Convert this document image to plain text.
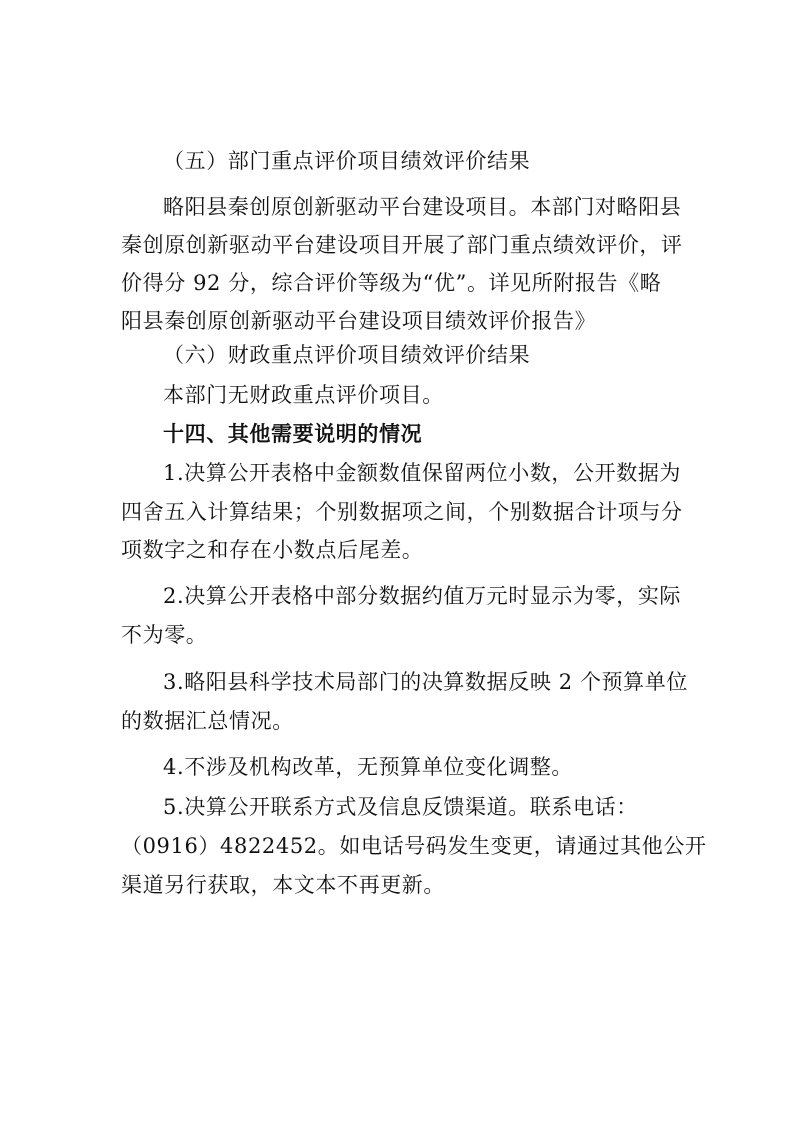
（五）部门重点评价项目绩效评价结果
略阳县秦创原创新驱动平台建设项目。本部门对略阳县
秦创原创新驱动平台建设项目开展了部门重点绩效评价，评
价得分 92 分，综合评价等级为“优”。详见所附报告《略
阳县秦创原创新驱动平台建设项目绩效评价报告》
（六）财政重点评价项目绩效评价结果
本部门无财政重点评价项目。
十四、其他需要说明的情况
1.决算公开表格中金额数值保留两位小数，公开数据为
四舍五入计算结果；个别数据项之间，个别数据合计项与分
项数字之和存在小数点后尾差。
2.决算公开表格中部分数据约值万元时显示为零，实际
不为零。
3.略阳县科学技术局部门的决算数据反映 2 个预算单位
的数据汇总情况。
4.不涉及机构改革，无预算单位变化调整。
5.决算公开联系方式及信息反馈渠道。联系电话：
（0916）4822452。如电话号码发生变更，请通过其他公开
渠道另行获取，本文本不再更新。
